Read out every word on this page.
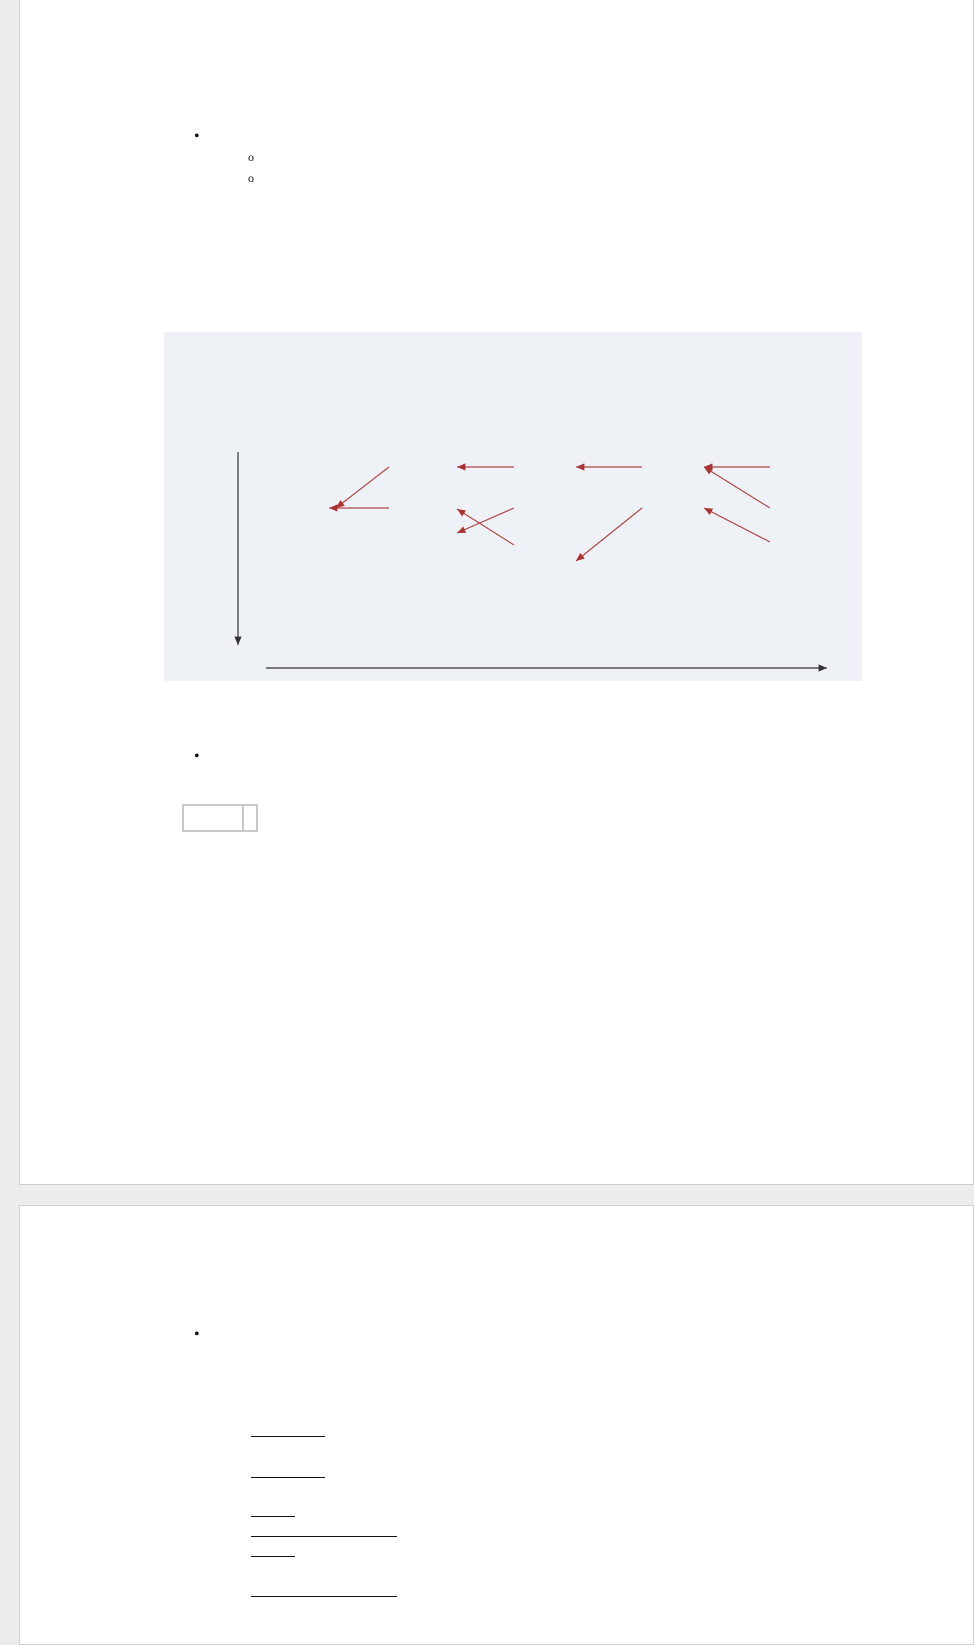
•
o
o
•

•
